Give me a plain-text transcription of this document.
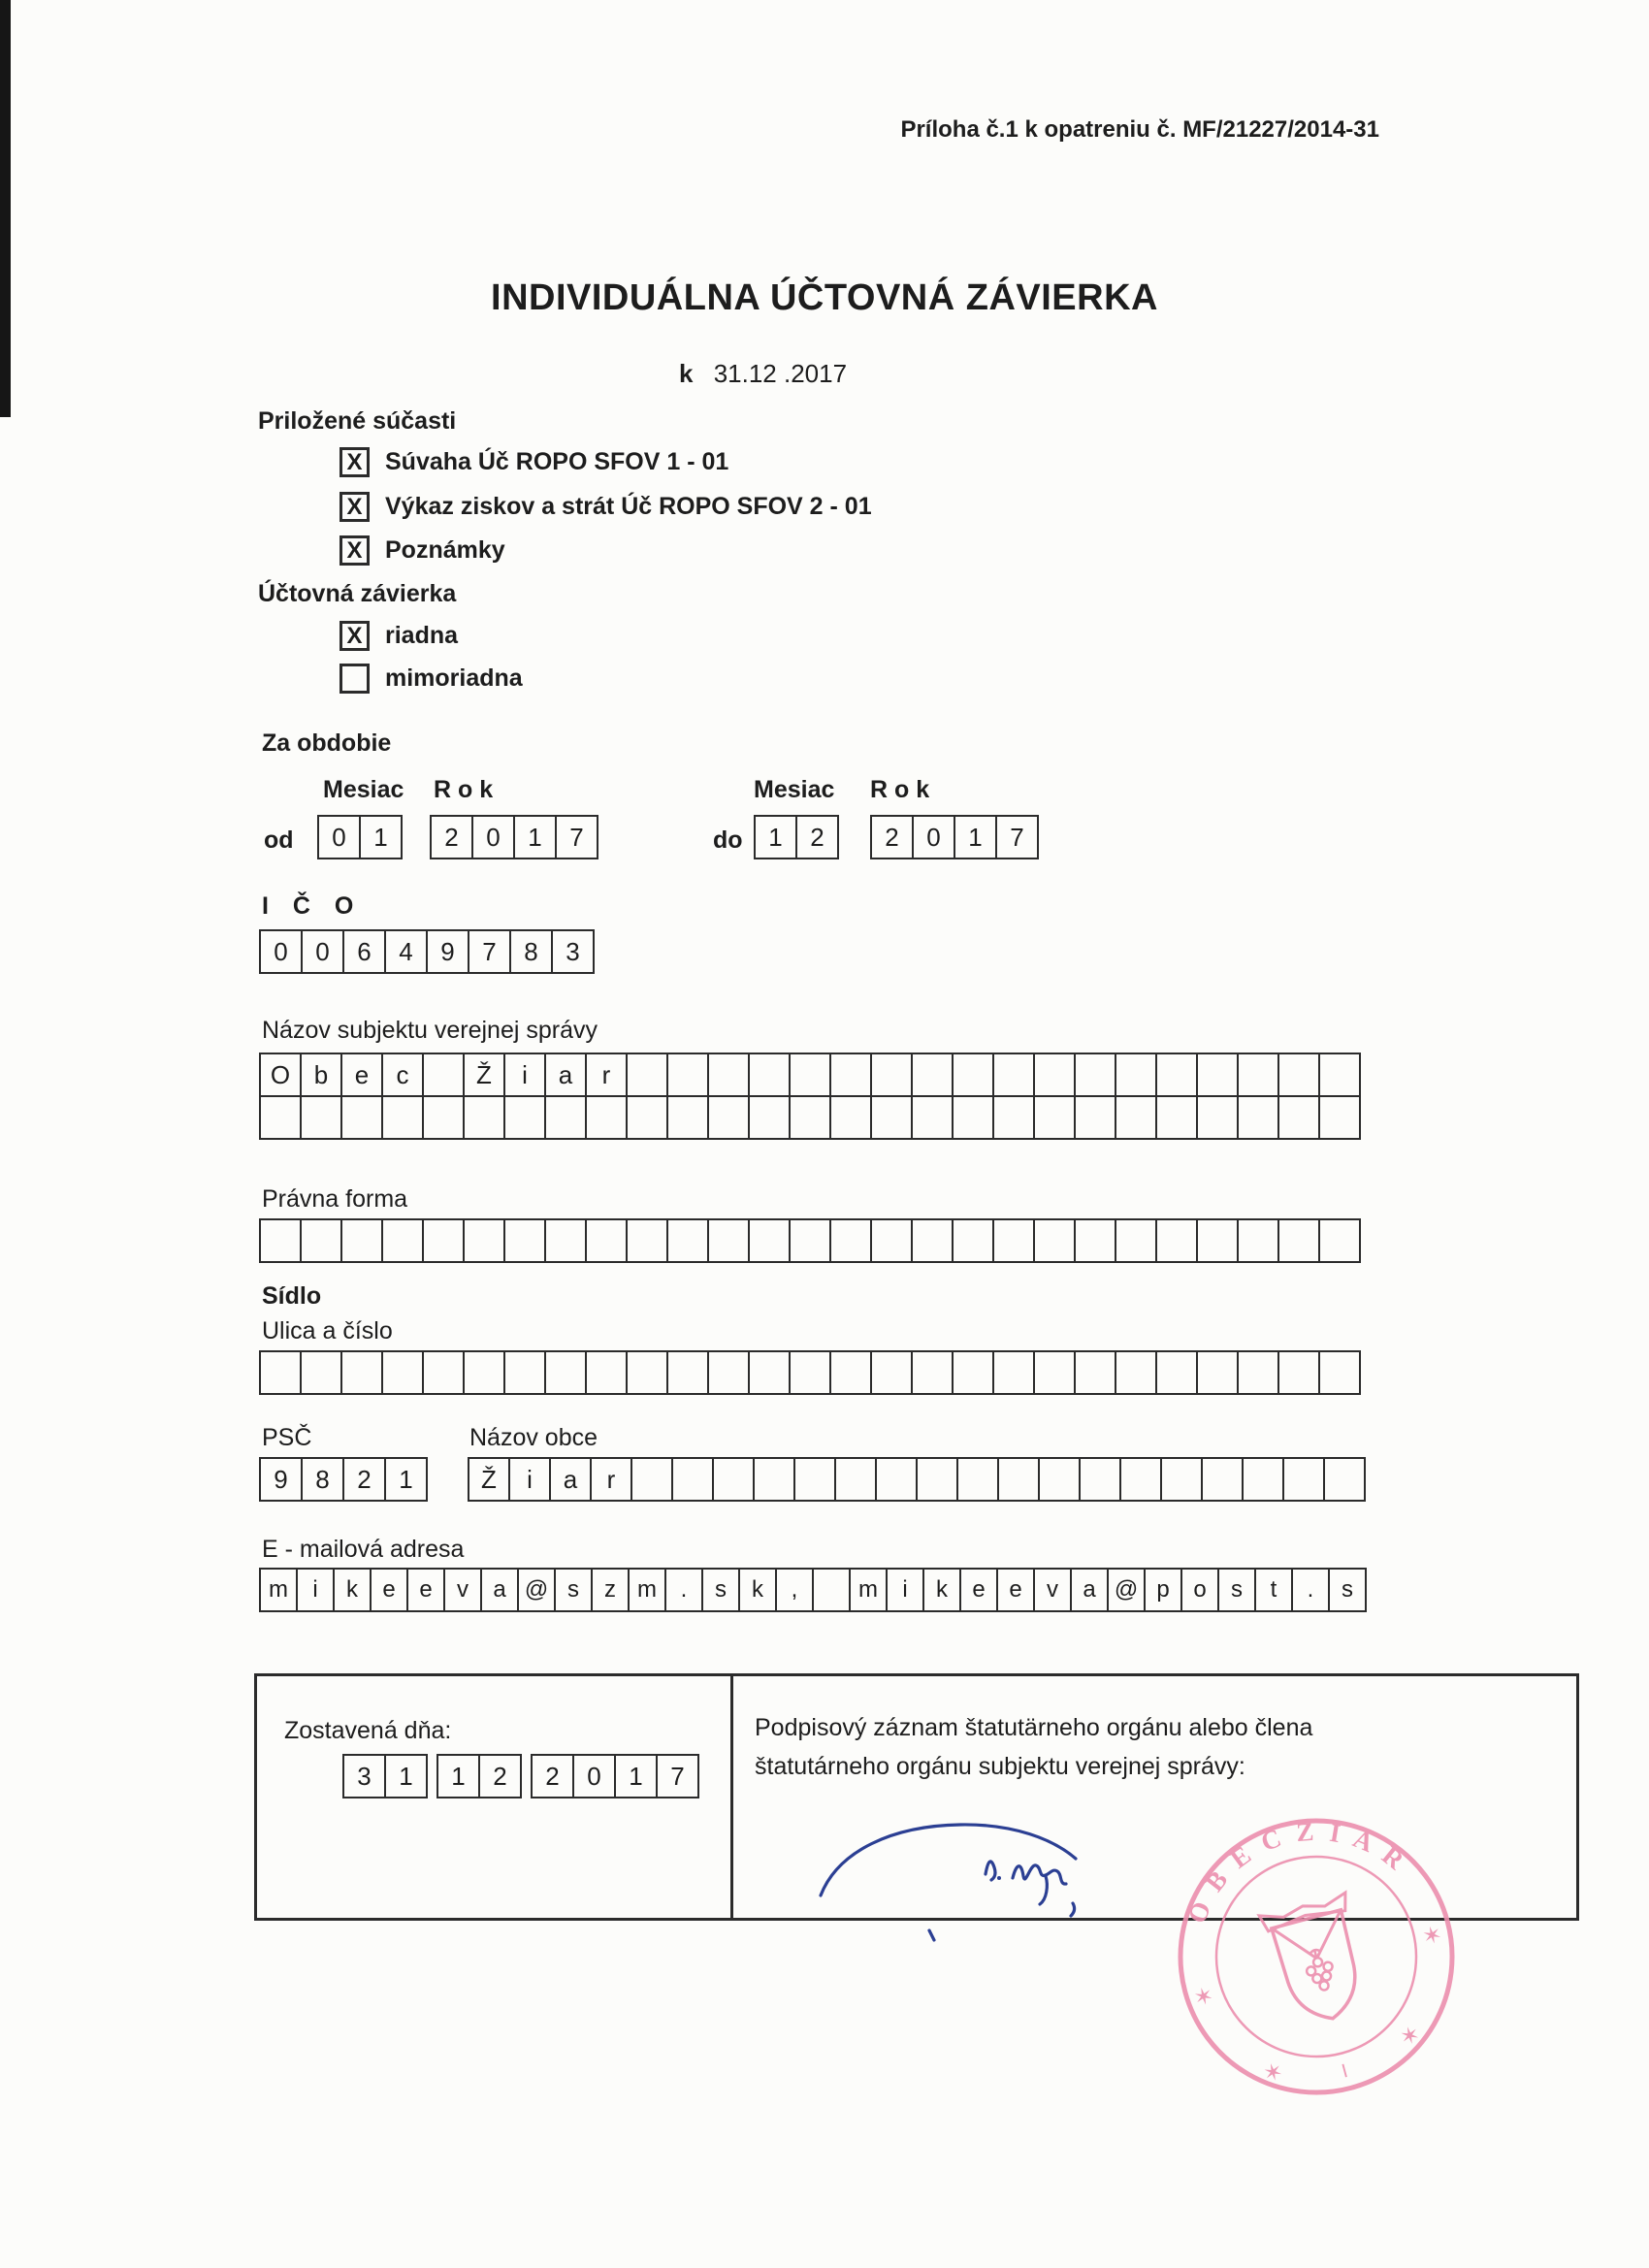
Príloha č.1 k opatreniu č. MF/21227/2014-31
INDIVIDUÁLNA ÚČTOVNÁ ZÁVIERKA
k 31.12 .2017
Priložené súčasti
X Súvaha Úč ROPO SFOV 1 - 01
X Výkaz ziskov a strát Úč ROPO SFOV 2 - 01
X Poznámky
Účtovná závierka
X riadna
mimoriadna
Za obdobie
Mesiac R o k	Mesiac R o k
od	0	1	2	0	1	7	do	1	2	2	0	1	7
I Č O
0	0	6	4	9	7	8	3
Názov subjektu verejnej správy
O b	e	c	Ž	i	a	r
Právna forma
Sídlo
Ulica a číslo
PSČ	Názov obce
9	8	2	1	Ž	i	a	r
E - mailová adresa
m	i	k	e	e	v	a @ s	z m	.	s	k	,	m	i	k	e	e	v	a @ p	o	s	t	.	s
Zostavená dňa:
3	1	1	2	2	0	1	7
Podpisový záznam štatutärneho orgánu alebo člena
štatutárneho orgánu subjektu verejnej správy:
O B E C Z I A R
✶
✶
✶
✶
I
